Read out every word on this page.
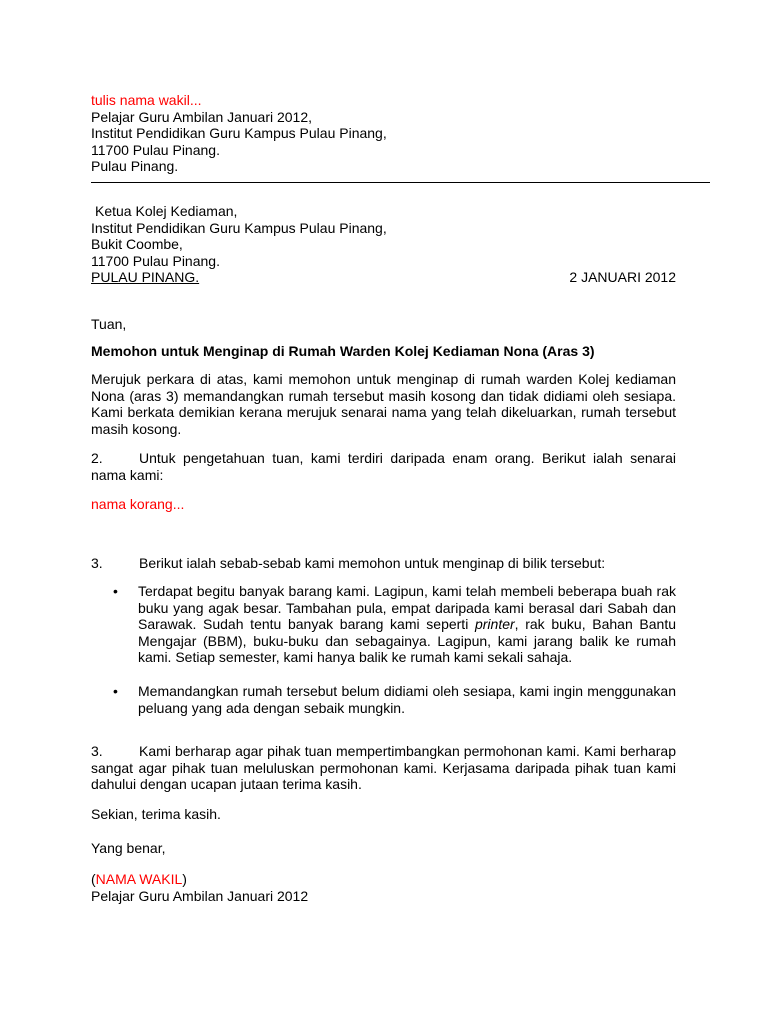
tulis nama wakil...
Pelajar Guru Ambilan Januari 2012,
Institut Pendidikan Guru Kampus Pulau Pinang,
11700 Pulau Pinang.
Pulau Pinang.
Ketua Kolej Kediaman,
Institut Pendidikan Guru Kampus Pulau Pinang,
Bukit Coombe,
11700 Pulau Pinang.
PULAU PINANG.	2 JANUARI 2012
Tuan,
Memohon untuk Menginap di Rumah Warden Kolej Kediaman Nona (Aras 3)
Merujuk perkara di atas, kami memohon untuk menginap di rumah warden Kolej kediaman Nona (aras 3) memandangkan rumah tersebut masih kosong dan tidak didiami oleh sesiapa. Kami berkata demikian kerana merujuk senarai nama yang telah dikeluarkan, rumah tersebut masih kosong.
2.	Untuk pengetahuan tuan, kami terdiri daripada enam orang. Berikut ialah senarai nama kami:
nama korang...
3.	Berikut ialah sebab-sebab kami memohon untuk menginap di bilik tersebut:
•	Terdapat begitu banyak barang kami. Lagipun, kami telah membeli beberapa buah rak buku yang agak besar. Tambahan pula, empat daripada kami berasal dari Sabah dan Sarawak. Sudah tentu banyak barang kami seperti printer, rak buku, Bahan Bantu Mengajar (BBM), buku-buku dan sebagainya. Lagipun, kami jarang balik ke rumah kami. Setiap semester, kami hanya balik ke rumah kami sekali sahaja.
•	Memandangkan rumah tersebut belum didiami oleh sesiapa, kami ingin menggunakan peluang yang ada dengan sebaik mungkin.
3.	Kami berharap agar pihak tuan mempertimbangkan permohonan kami. Kami berharap sangat agar pihak tuan meluluskan permohonan kami. Kerjasama daripada pihak tuan kami dahului dengan ucapan jutaan terima kasih.
Sekian, terima kasih.
Yang benar,
(NAMA WAKIL)
Pelajar Guru Ambilan Januari 2012
